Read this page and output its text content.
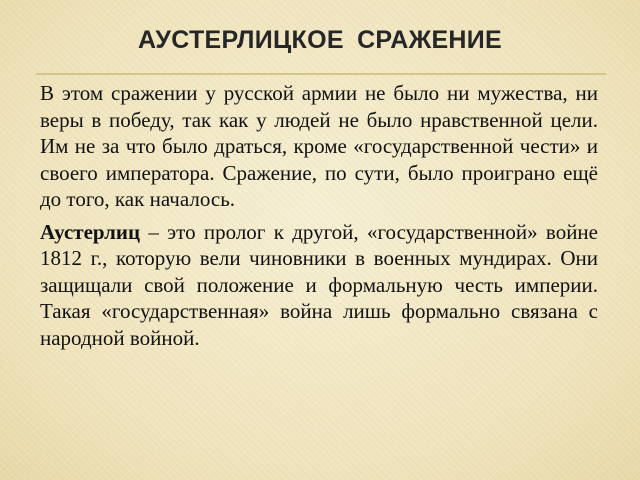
АУСТЕРЛИЦКОЕ СРАЖЕНИЕ

В этом сражении у русской армии не было ни мужества, ни веры в победу, так как у людей не было нравственной цели. Им не за что было драться, кроме «государственной чести» и своего императора. Сражение, по сути, было проиграно ещё до того, как началось.

Аустерлиц – это пролог к другой, «государственной» войне 1812 г., которую вели чиновники в военных мундирах. Они защищали свой положение и формальную честь империи. Такая «государственная» война лишь формально связана с народной войной.
